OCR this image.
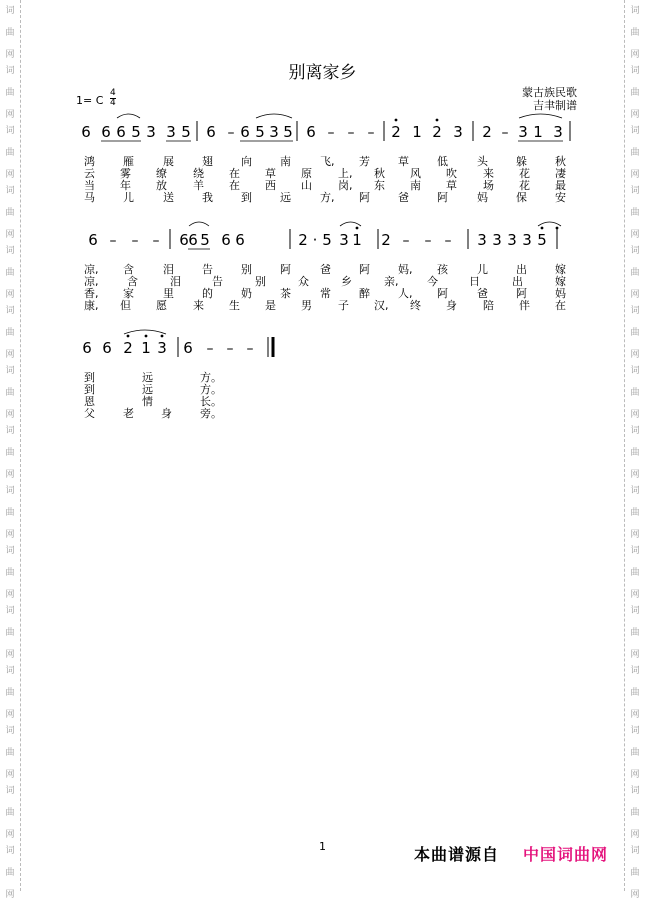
词
曲
网
词
曲
网
词
曲
网
词
曲
网
词
曲
网
词
曲
网
词
曲
网
词
曲
网
词
曲
网
词
曲
网
词
曲
网
词
曲
网
词
曲
网
词
曲
网
词
曲
网
词
曲
网
词
曲
网
词
曲
网
词
曲
网
词
曲
网
词
曲
网
词
曲
网
词
曲
网
词
曲
网
词
曲
网
词
曲
网
词
曲
网
词
曲
网
词
曲
网
词
曲
网
别离家乡
蒙古族民歌
吉聿制谱
1= C
4
4
6 6 6 5 3 3 5 6 – 6 5 3 5 6 – – – 2 1 2 3 2 – 3 1 3
6 – – – 6 6 5 6 6	2 · 5 3 1 2 – – – 3 3 3 3 5
6 6 2 1 3 6 – – –
鸿	雁	展	翅	向	南	飞, 芳	草	低	头	躲	秋
云 雾 缭 绕 在 草 原 上, 秋 风 吹 来 花 凄
当 年 放 羊 在 西 山 岗, 东 南 草 场 花 最
马	儿	送	我	到	远	方, 阿	爸	阿	妈	保	安
凉, 含	泪	告	别	阿	爸	阿	妈, 孩	儿	出	嫁
凉,	含	泪	告	别	众	乡	亲,	今	日	出	嫁
香, 家	里	的	奶	茶	常	醉	人, 阿	爸	阿	妈
康, 但 愿 来 生 是 男 子 汉, 终 身 陪 伴 在
到	远	方。
到	远	方。
恩	情	长。
父	老 身	旁。
1	本曲谱源自 中国词曲网
